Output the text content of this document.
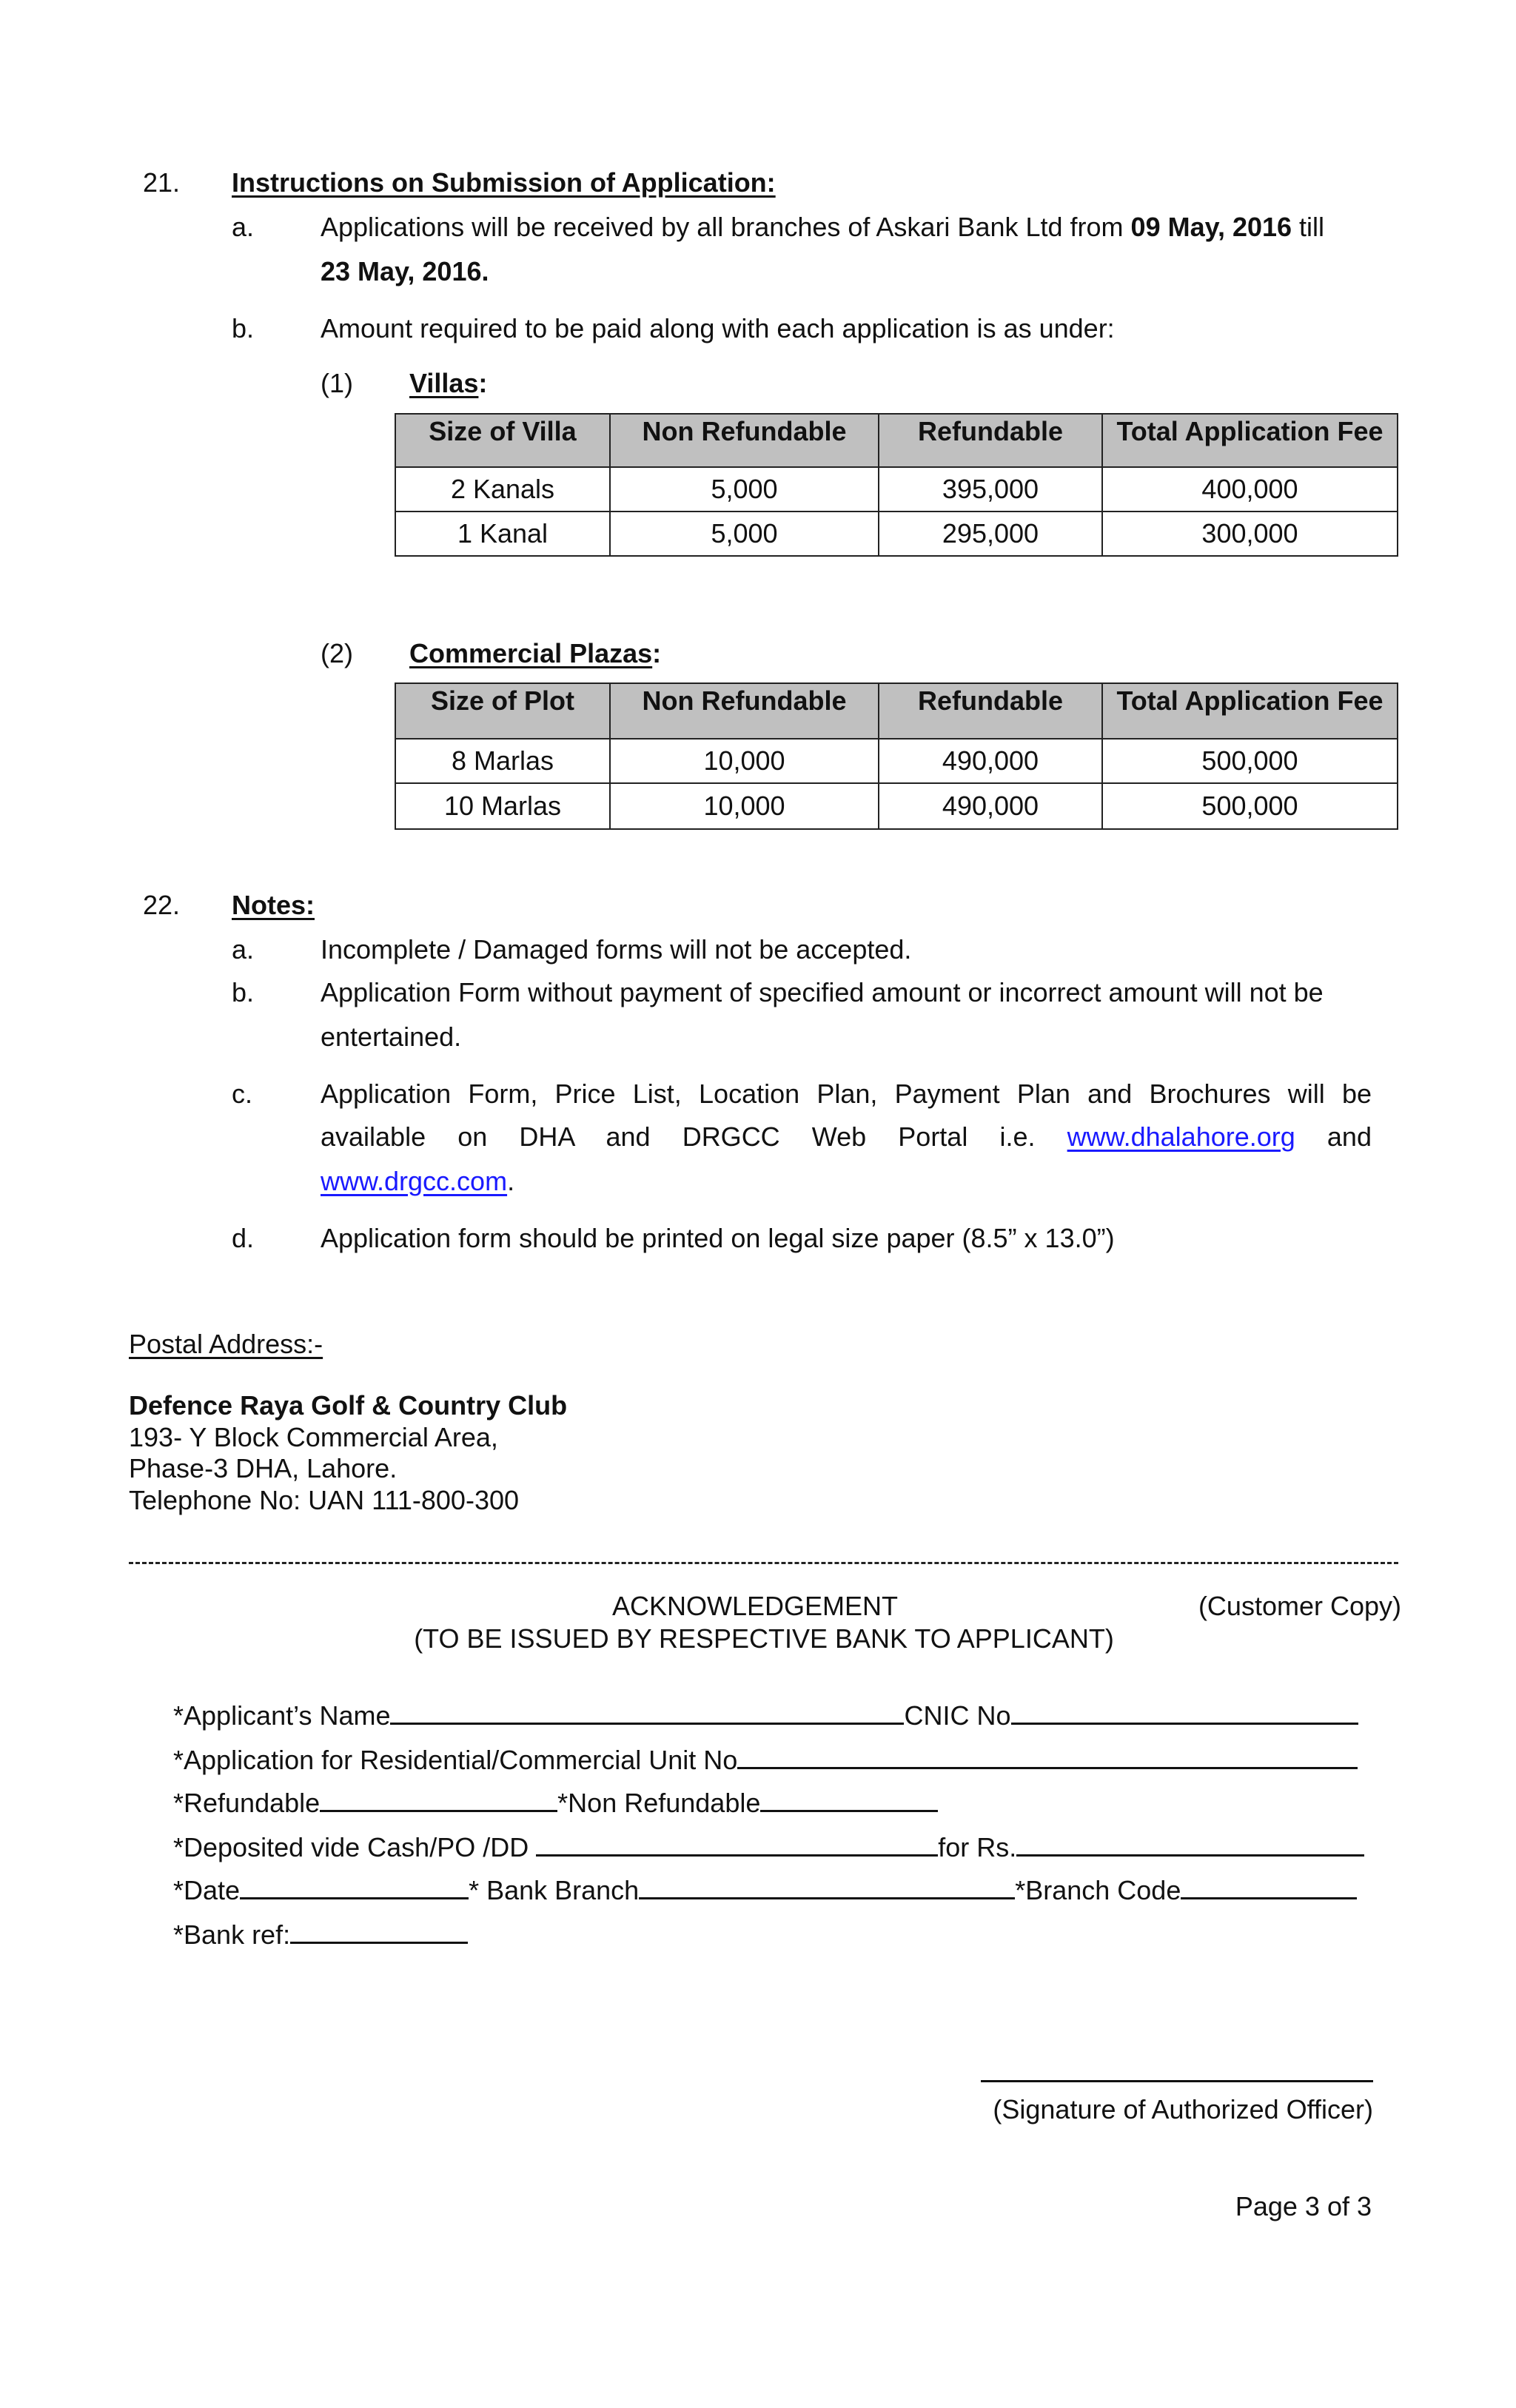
21. Instructions on Submission of Application:
a. Applications will be received by all branches of Askari Bank Ltd from 09 May, 2016 till
23 May, 2016.
b. Amount required to be paid along with each application is as under:
(1) Villas:
Size of Villa	Non Refundable	Refundable	Total Application Fee
2 Kanals	5,000	395,000	400,000
1 Kanal	5,000	295,000	300,000
(2) Commercial Plazas:
Size of Plot	Non Refundable	Refundable	Total Application Fee
8 Marlas	10,000	490,000	500,000
10 Marlas	10,000	490,000	500,000
22. Notes:
a. Incomplete / Damaged forms will not be accepted.
b. Application Form without payment of specified amount or incorrect amount will not be
entertained.
c.	Application Form, Price List, Location Plan, Payment Plan and Brochures will be
available on DHA and DRGCC Web Portal i.e. www.dhalahore.org and
www.drgcc.com.
d. Application form should be printed on legal size paper (8.5” x 13.0”)
Postal Address:-
Defence Raya Golf & Country Club
193- Y Block Commercial Area,
Phase-3 DHA, Lahore.
Telephone No: UAN 111-800-300
ACKNOWLEDGEMENT	(Customer Copy)
(TO BE ISSUED BY RESPECTIVE BANK TO APPLICANT)
*Applicant’s Name	CNIC No
*Application for Residential/Commercial Unit No
*Refundable	*Non Refundable
*Deposited vide Cash/PO /DD	for Rs.
*Date	* Bank Branch	*Branch Code
*Bank ref:
(Signature of Authorized Officer)
Page 3 of 3
